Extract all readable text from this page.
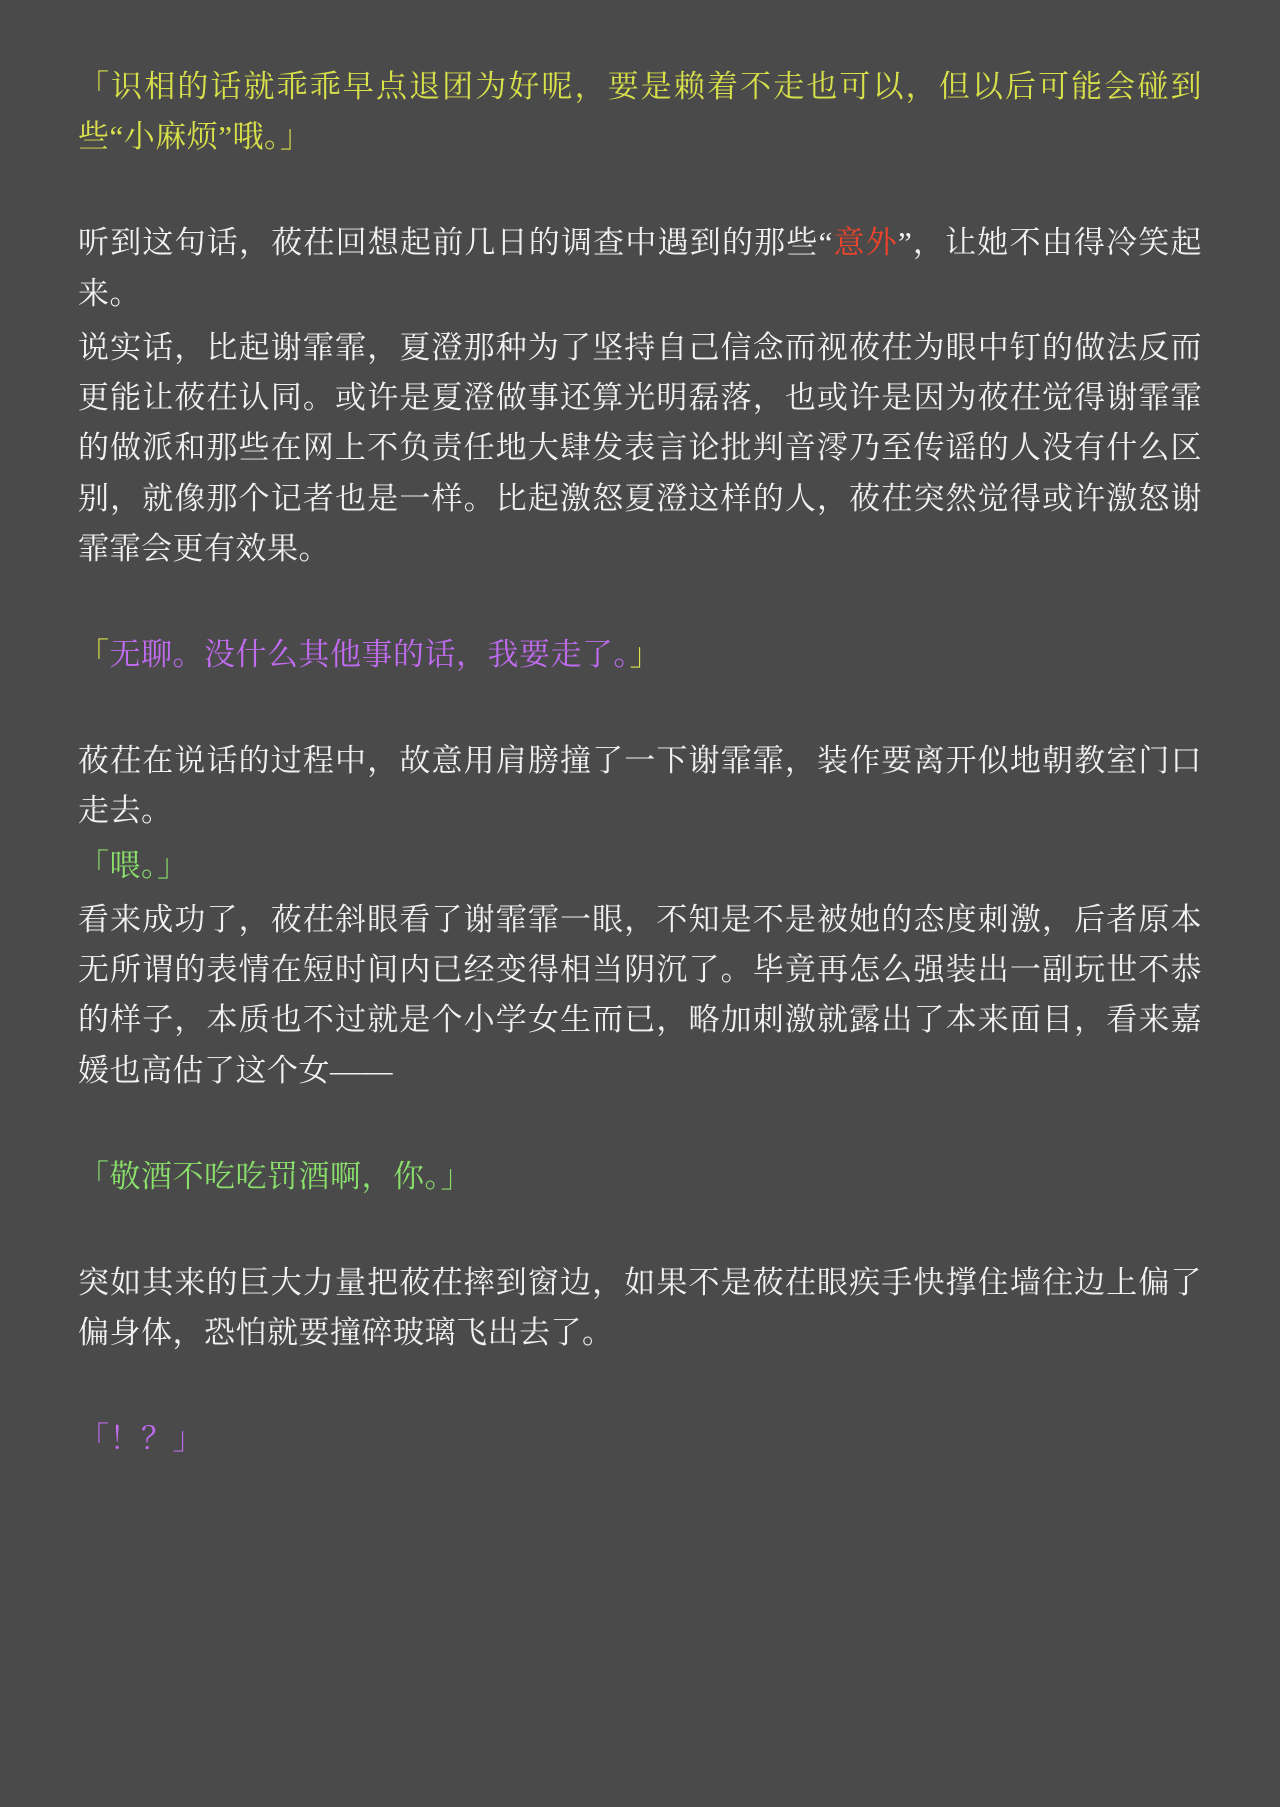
「识相的话就乖乖早点退团为好呢，要是赖着不走也可以，但以后可能会碰到些“小麻烦”哦。」

听到这句话，莜茌回想起前几日的调查中遇到的那些“意外”，让她不由得冷笑起来。

说实话，比起谢霏霏，夏澄那种为了坚持自己信念而视莜茌为眼中钉的做法反而更能让莜茌认同。或许是夏澄做事还算光明磊落，也或许是因为莜茌觉得谢霏霏的做派和那些在网上不负责任地大肆发表言论批判音澪乃至传谣的人没有什么区别，就像那个记者也是一样。比起激怒夏澄这样的人，莜茌突然觉得或许激怒谢霏霏会更有效果。

「无聊。没什么其他事的话，我要走了。」

莜茌在说话的过程中，故意用肩膀撞了一下谢霏霏，装作要离开似地朝教室门口走去。

「喂。」

看来成功了，莜茌斜眼看了谢霏霏一眼，不知是不是被她的态度刺激，后者原本无所谓的表情在短时间内已经变得相当阴沉了。毕竟再怎么强装出一副玩世不恭的样子，本质也不过就是个小学女生而已，略加刺激就露出了本来面目，看来嘉媛也高估了这个女——

「敬酒不吃吃罚酒啊，你。」

突如其来的巨大力量把莜茌摔到窗边，如果不是莜茌眼疾手快撑住墙往边上偏了偏身体，恐怕就要撞碎玻璃飞出去了。

「！？」
